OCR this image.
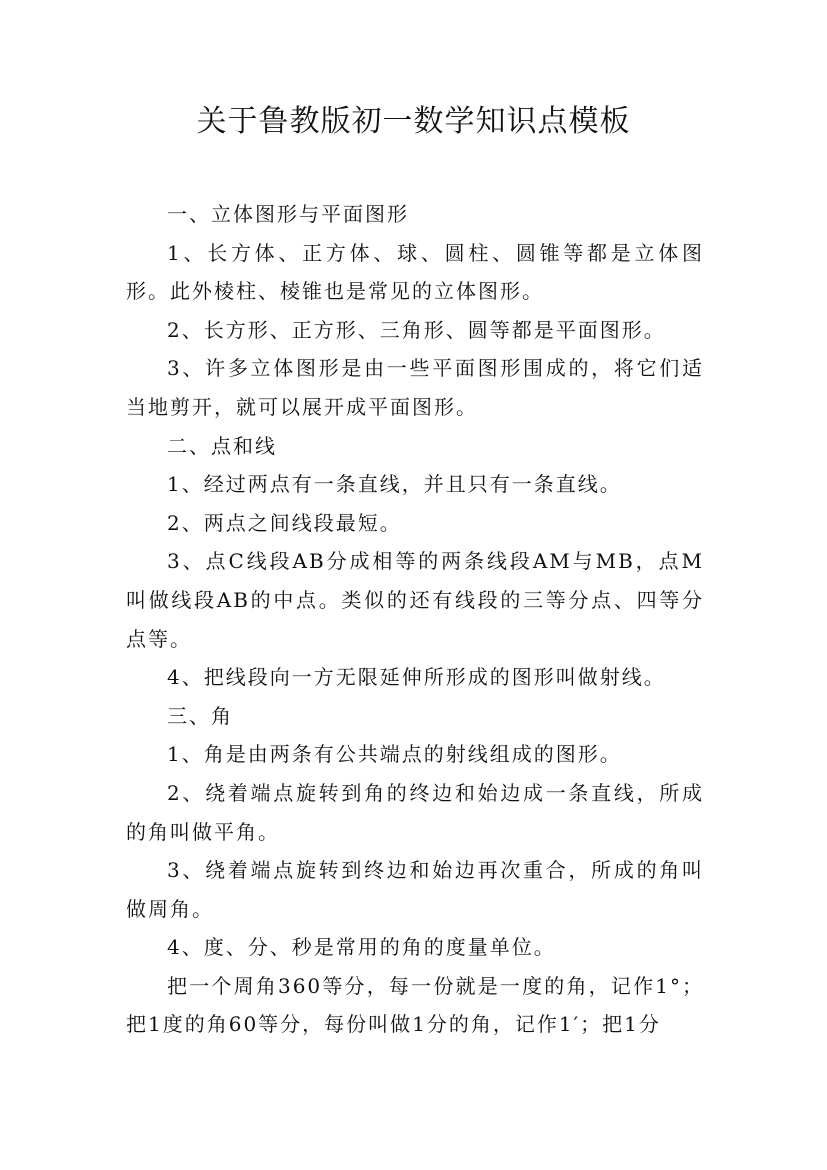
关于鲁教版初一数学知识点模板

一、立体图形与平面图形

1、长方体、正方体、球、圆柱、圆锥等都是立体图形。此外棱柱、棱锥也是常见的立体图形。

2、长方形、正方形、三角形、圆等都是平面图形。

3、许多立体图形是由一些平面图形围成的，将它们适当地剪开，就可以展开成平面图形。

二、点和线

1、经过两点有一条直线，并且只有一条直线。

2、两点之间线段最短。

3、点C线段AB分成相等的两条线段AM与MB，点M叫做线段AB的中点。类似的还有线段的三等分点、四等分点等。

4、把线段向一方无限延伸所形成的图形叫做射线。

三、角

1、角是由两条有公共端点的射线组成的图形。

2、绕着端点旋转到角的终边和始边成一条直线，所成的角叫做平角。

3、绕着端点旋转到终边和始边再次重合，所成的角叫做周角。

4、度、分、秒是常用的角的度量单位。

把一个周角360等分，每一份就是一度的角，记作1°；把1度的角60等分，每份叫做1分的角，记作1′；把1分
